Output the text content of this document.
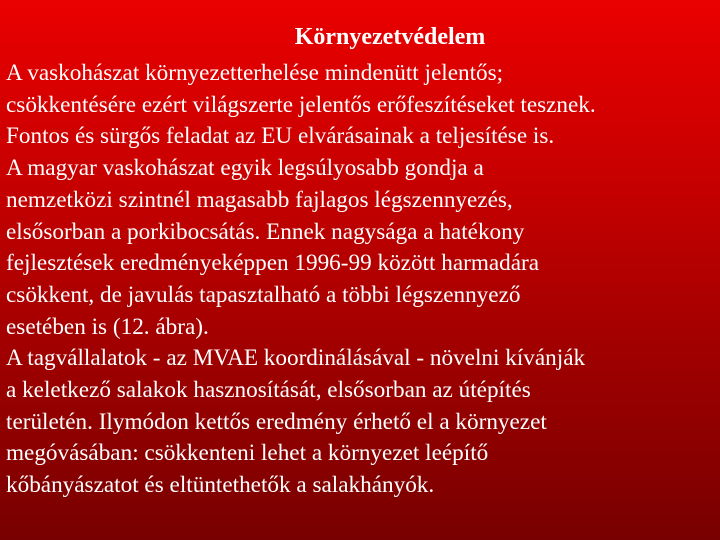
Környezetvédelem
A vaskohászat környezetterhelése mindenütt jelentős;
csökkentésére ezért világszerte jelentős erőfeszítéseket tesznek.
Fontos és sürgős feladat az EU elvárásainak a teljesítése is.
A magyar vaskohászat egyik legsúlyosabb gondja a
nemzetközi szintnél magasabb fajlagos légszennyezés,
elsősorban a porkibocsátás. Ennek nagysága a hatékony
fejlesztések eredményeképpen 1996-99 között harmadára
csökkent, de javulás tapasztalható a többi légszennyező
esetében is (12. ábra).
A tagvállalatok - az MVAE koordinálásával - növelni kívánják
a keletkező salakok hasznosítását, elsősorban az útépítés
területén. Ilymódon kettős eredmény érhető el a környezet
megóvásában: csökkenteni lehet a környezet leépítő
kőbányászatot és eltüntethetők a salakhányók.
